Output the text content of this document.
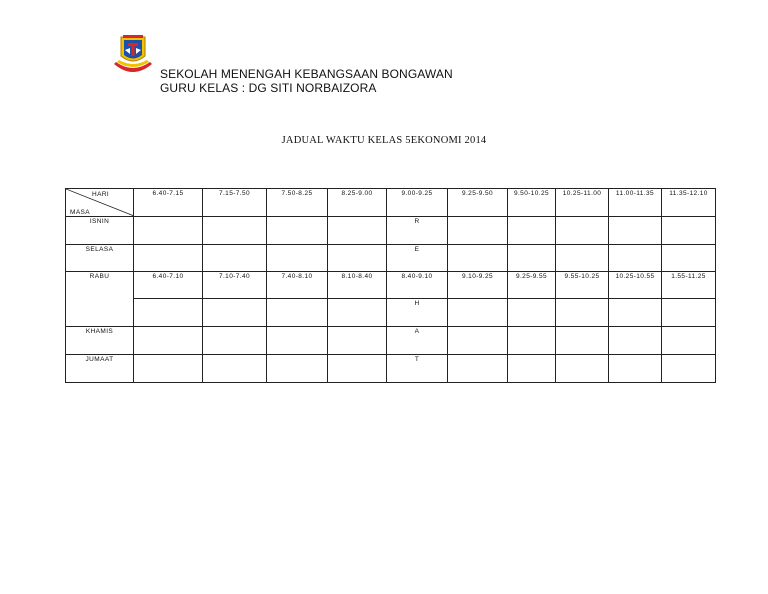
SEKOLAH MENENGAH KEBANGSAAN BONGAWAN
GURU KELAS : DG SITI NORBAIZORA
JADUAL WAKTU KELAS 5EKONOMI 2014
HARI
MASA	6.40-7.15	7.15-7.50	7.50-8.25	8.25-9.00	9.00-9.25	9.25-9.50	9.50-10.25	10.25-11.00	11.00-11.35	11.35-12.10
ISNIN					R					
SELASA					E					
RABU	6.40-7.10	7.10-7.40	7.40-8.10	8.10-8.40	8.40-9.10	9.10-9.25	9.25-9.55	9.55-10.25	10.25-10.55	1.55-11.25
					H					
KHAMIS					A					
JUMAAT					T					
